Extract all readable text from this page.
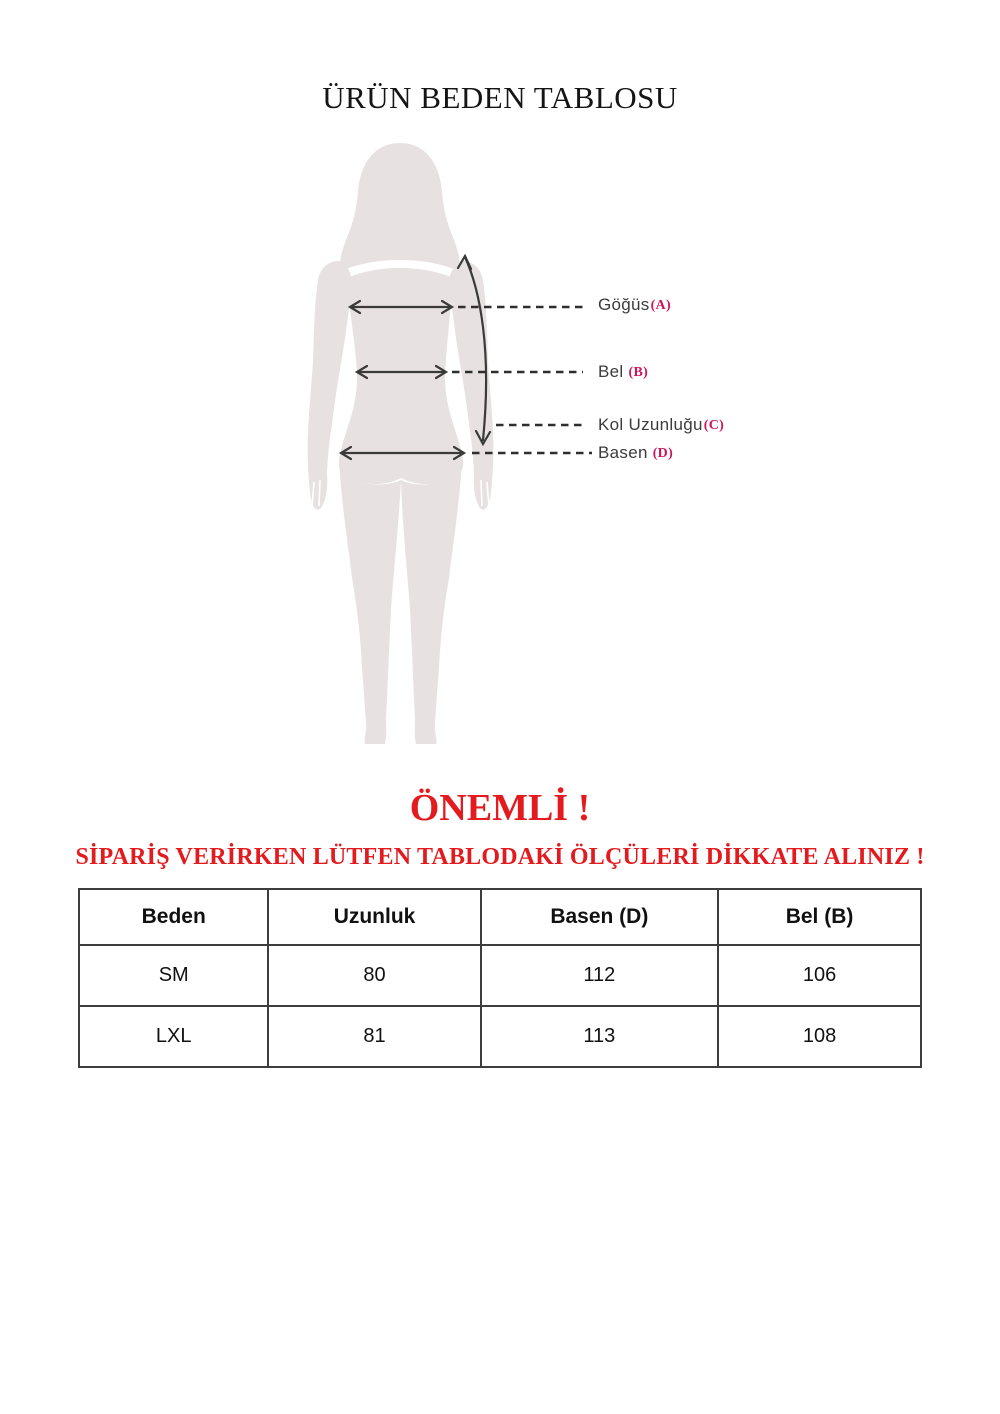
ÜRÜN BEDEN TABLOSU
Göğüs(A)
Bel (B)
Kol Uzunluğu(C)
Basen (D)
ÖNEMLİ !
SİPARİŞ VERİRKEN LÜTFEN TABLODAKİ ÖLÇÜLERİ DİKKATE ALINIZ !
Beden	Uzunluk	Basen (D)	Bel (B)
SM	80	112	106
LXL	81	113	108
